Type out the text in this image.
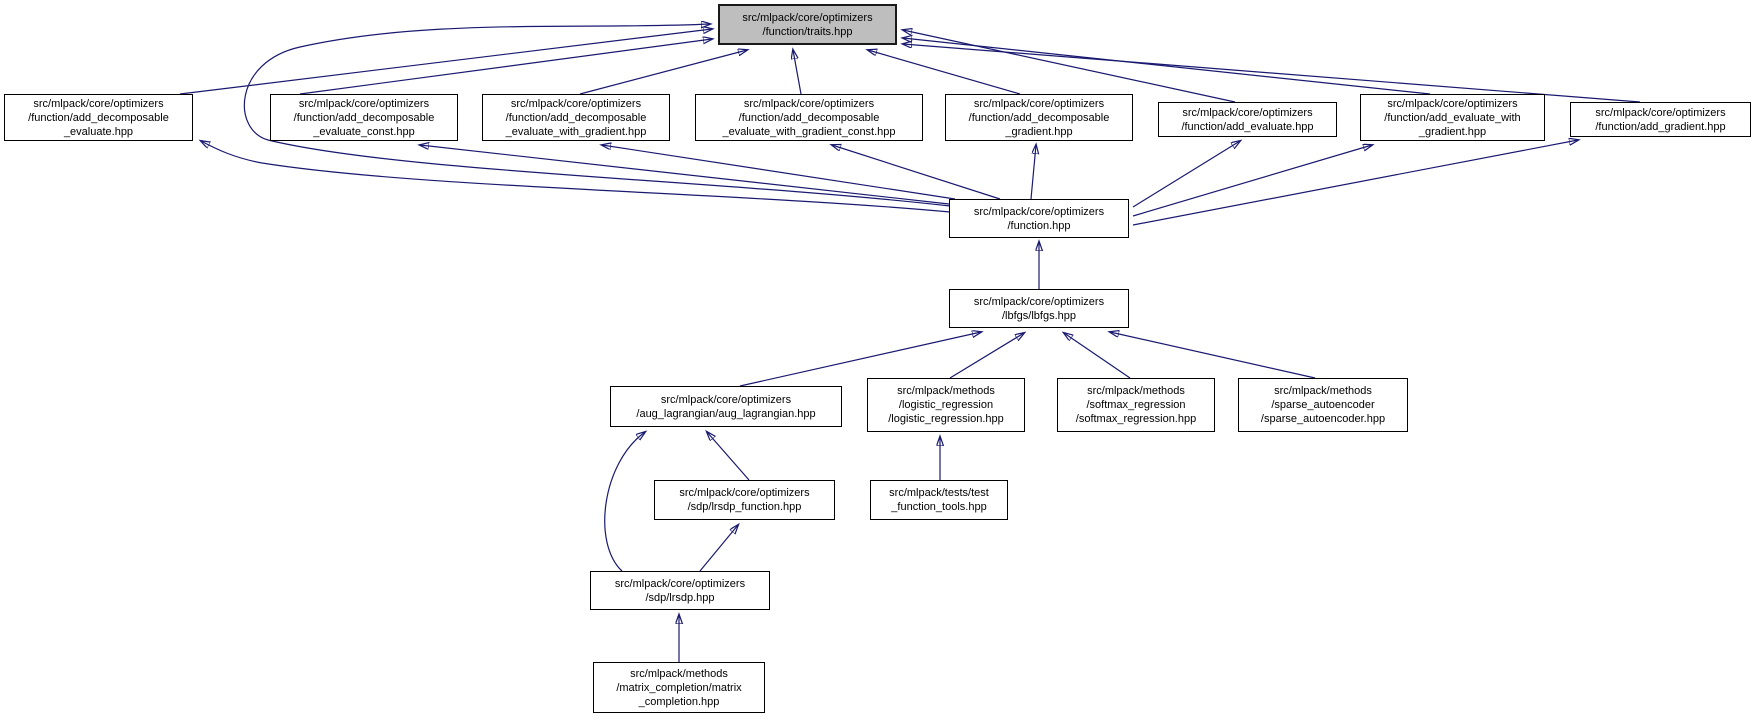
src/mlpack/core/optimizers
/function/traits.hpp
src/mlpack/core/optimizers
/function/add_decomposable
_evaluate.hpp
src/mlpack/core/optimizers
/function/add_decomposable
_evaluate_const.hpp
src/mlpack/core/optimizers
/function/add_decomposable
_evaluate_with_gradient.hpp
src/mlpack/core/optimizers
/function/add_decomposable
_evaluate_with_gradient_const.hpp
src/mlpack/core/optimizers
/function/add_decomposable
_gradient.hpp
src/mlpack/core/optimizers
/function/add_evaluate.hpp
src/mlpack/core/optimizers
/function/add_evaluate_with
_gradient.hpp
src/mlpack/core/optimizers
/function/add_gradient.hpp
src/mlpack/core/optimizers
/function.hpp
src/mlpack/core/optimizers
/lbfgs/lbfgs.hpp
src/mlpack/core/optimizers
/aug_lagrangian/aug_lagrangian.hpp
src/mlpack/methods
/logistic_regression
/logistic_regression.hpp
src/mlpack/methods
/softmax_regression
/softmax_regression.hpp
src/mlpack/methods
/sparse_autoencoder
/sparse_autoencoder.hpp
src/mlpack/core/optimizers
/sdp/lrsdp_function.hpp
src/mlpack/tests/test
_function_tools.hpp
src/mlpack/core/optimizers
/sdp/lrsdp.hpp
src/mlpack/methods
/matrix_completion/matrix
_completion.hpp
